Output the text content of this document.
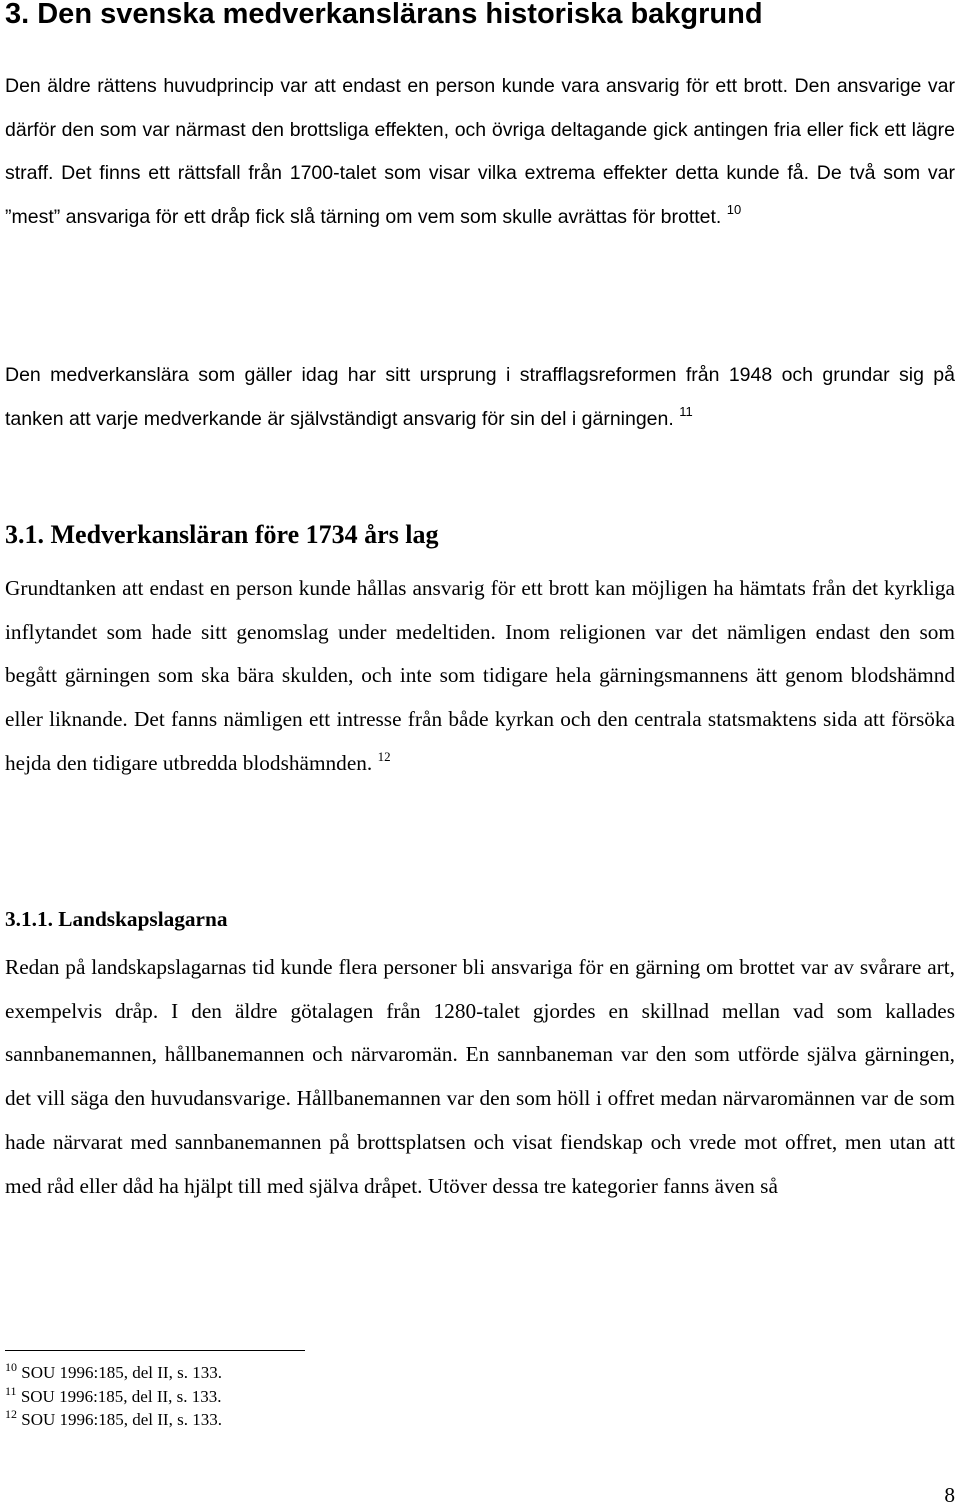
3. Den svenska medverkanslärans historiska bakgrund

Den äldre rättens huvudprincip var att endast en person kunde vara ansvarig för ett brott. Den ansvarige var därför den som var närmast den brottsliga effekten, och övriga deltagande gick antingen fria eller fick ett lägre straff. Det finns ett rättsfall från 1700-talet som visar vilka extrema effekter detta kunde få. De två som var ”mest” ansvariga för ett dråp fick slå tärning om vem som skulle avrättas för brottet. $^{10}$

Den medverkanslära som gäller idag har sitt ursprung i strafflagsreformen från 1948 och grundar sig på tanken att varje medverkande är självständigt ansvarig för sin del i gärningen. $^{11}$

3.1. Medverkansläran före 1734 års lag

Grundtanken att endast en person kunde hållas ansvarig för ett brott kan möjligen ha hämtats från det kyrkliga inflytandet som hade sitt genomslag under medeltiden. Inom religionen var det nämligen endast den som begått gärningen som ska bära skulden, och inte som tidigare hela gärningsmannens ätt genom blodshämnd eller liknande. Det fanns nämligen ett intresse från både kyrkan och den centrala statsmaktens sida att försöka hejda den tidigare utbredda blodshämnden. $^{12}$

3.1.1. Landskapslagarna

Redan på landskapslagarnas tid kunde flera personer bli ansvariga för en gärning om brottet var av svårare art, exempelvis dråp. I den äldre götalagen från 1280-talet gjordes en skillnad mellan vad som kallades sannbanemannen, hållbanemannen och närvaromän. En sannbaneman var den som utförde själva gärningen, det vill säga den huvudansvarige. Hållbanemannen var den som höll i offret medan närvaromännen var de som hade närvarat med sannbanemannen på brottsplatsen och visat fiendskap och vrede mot offret, men utan att med råd eller dåd ha hjälpt till med själva dråpet. Utöver dessa tre kategorier fanns även så

$^{10}$ SOU 1996:185, del II, s. 133.
$^{11}$ SOU 1996:185, del II, s. 133.
$^{12}$ SOU 1996:185, del II, s. 133.
8
